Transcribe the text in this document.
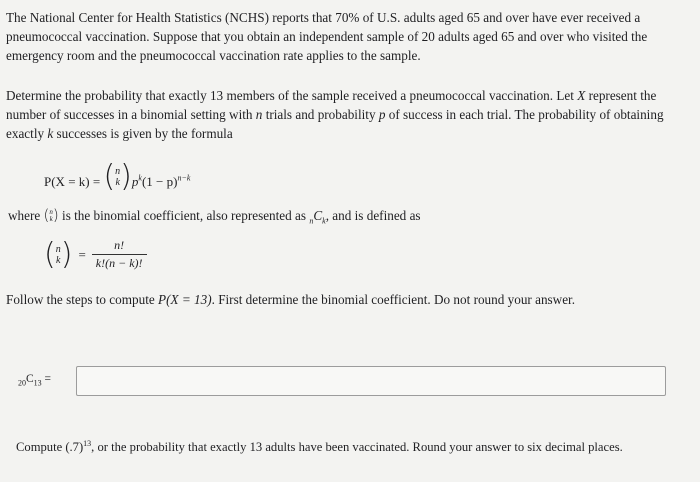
The National Center for Health Statistics (NCHS) reports that 70% of U.S. adults aged 65 and over have ever received a pneumococcal vaccination. Suppose that you obtain an independent sample of 20 adults aged 65 and over who visited the emergency room and the pneumococcal vaccination rate applies to the sample.

Determine the probability that exactly 13 members of the sample received a pneumococcal vaccination. Let X represent the number of successes in a binomial setting with n trials and probability p of success in each trial. The probability of obtaining exactly k successes is given by the formula

P(X = k) = ( n
k ) $p^k(1 - p)^{n-k}$
where ( n
k ) is the binomial coefficient, also represented as $_nC_k$, and is defined as
( n
k ) = $\frac{n!}{k!(n - k)!}$

Follow the steps to compute P(X = 13). First determine the binomial coefficient. Do not round your answer.

$_{20}C_{13}$ =

Compute $(.7)^{13}$, or the probability that exactly 13 adults have been vaccinated. Round your answer to six decimal places.
